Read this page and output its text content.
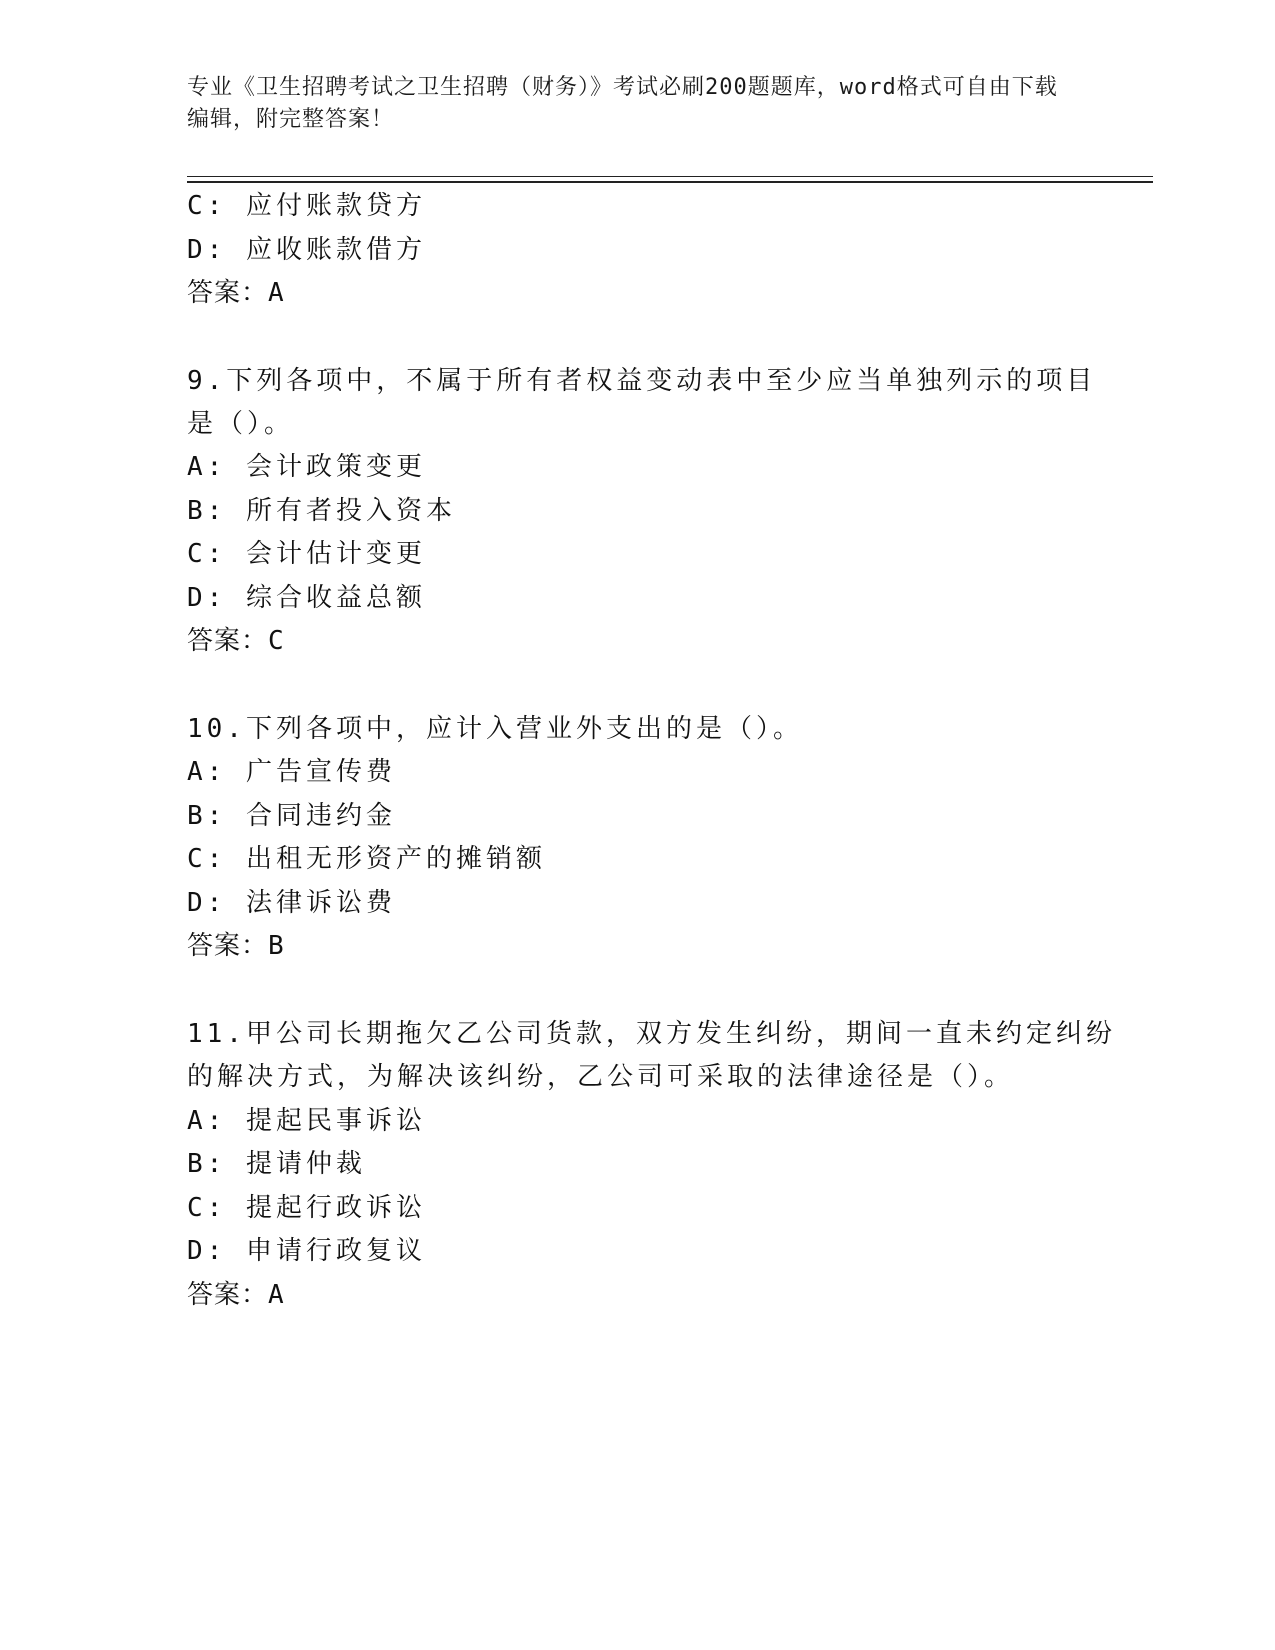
专业《卫生招聘考试之卫生招聘（财务）》考试必刷200题题库，word格式可自由下载编辑，附完整答案！
C: 应付账款贷方
D: 应收账款借方
答案：A
9.下列各项中，不属于所有者权益变动表中至少应当单独列示的项目
是（）。
A: 会计政策变更
B: 所有者投入资本
C: 会计估计变更
D: 综合收益总额
答案：C
10.下列各项中，应计入营业外支出的是（）。
A: 广告宣传费
B: 合同违约金
C: 出租无形资产的摊销额
D: 法律诉讼费
答案：B
11.甲公司长期拖欠乙公司货款，双方发生纠纷，期间一直未约定纠纷
的解决方式，为解决该纠纷，乙公司可采取的法律途径是（）。
A: 提起民事诉讼
B: 提请仲裁
C: 提起行政诉讼
D: 申请行政复议
答案：A
